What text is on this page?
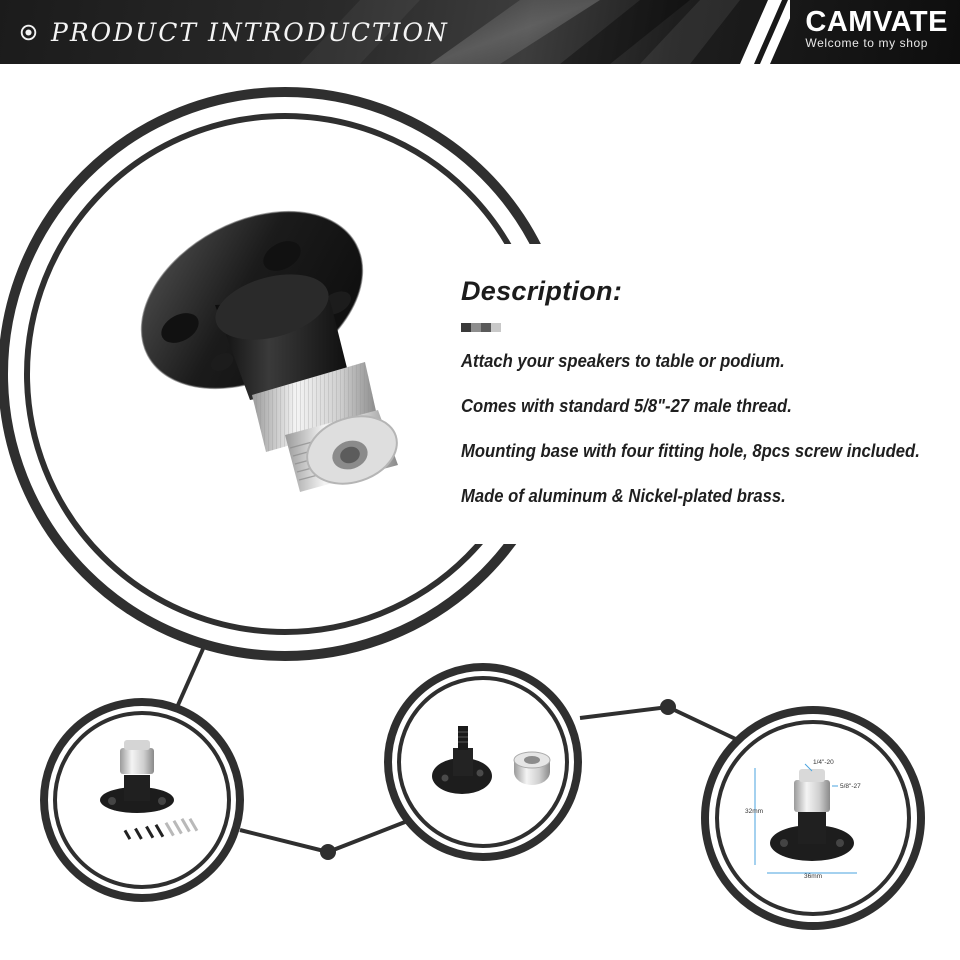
PRODUCT INTRODUCTION	CAMVATE
Welcome to my shop
1/4"-20
5/8"-27
32mm
36mm
Description:
Attach your speakers to table or podium.
Comes with standard 5/8"-27 male thread.
Mounting base with four fitting hole, 8pcs screw included.
Made of aluminum & Nickel-plated brass.
